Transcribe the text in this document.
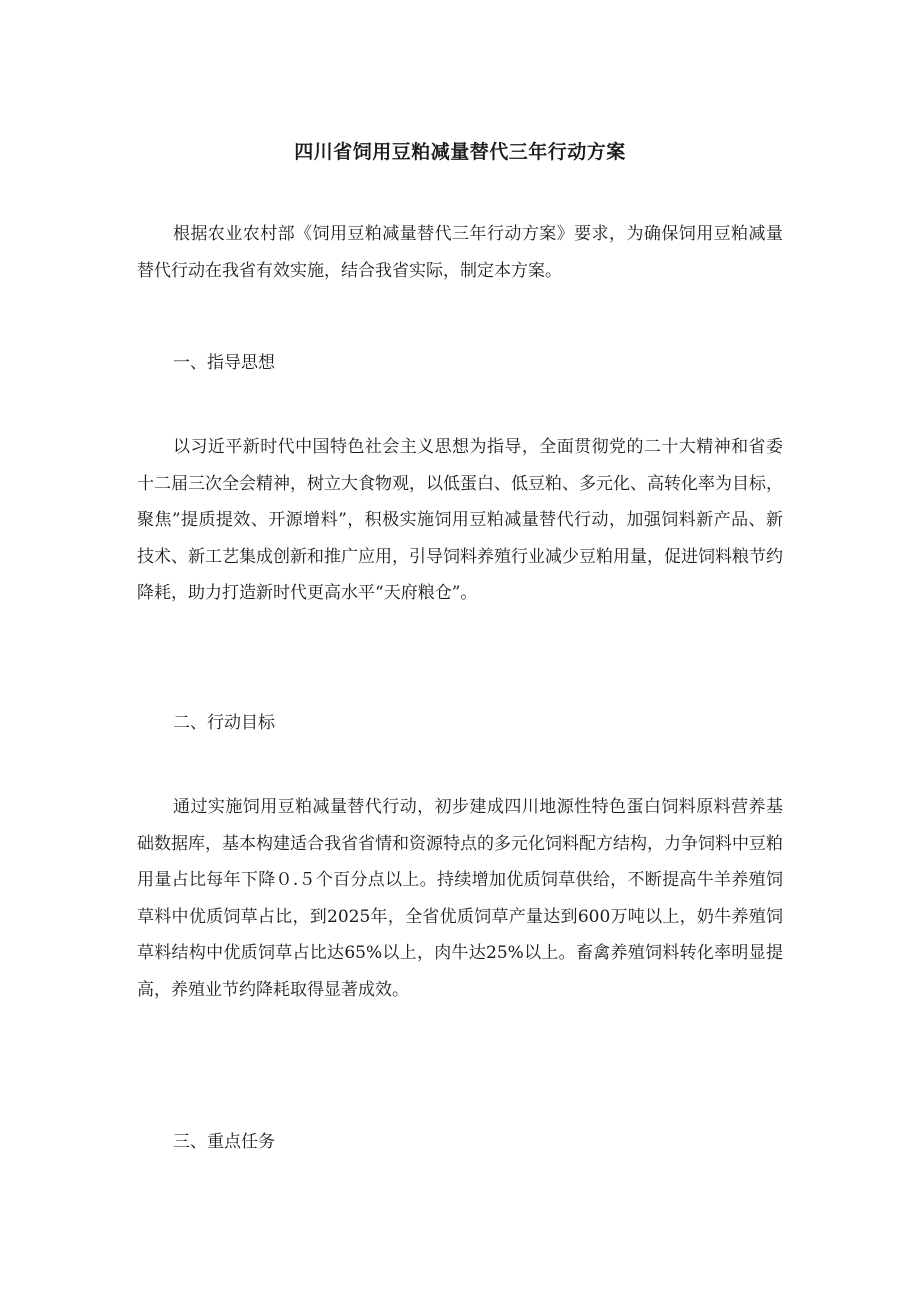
四川省饲用豆粕减量替代三年行动方案

根据农业农村部《饲用豆粕减量替代三年行动方案》要求，为确保饲用豆粕减量替代行动在我省有效实施，结合我省实际，制定本方案。

一、指导思想

以习近平新时代中国特色社会主义思想为指导，全面贯彻党的二十大精神和省委十二届三次全会精神，树立大食物观，以低蛋白、低豆粕、多元化、高转化率为目标，聚焦”提质提效、开源增料”，积极实施饲用豆粕减量替代行动，加强饲料新产品、新技术、新工艺集成创新和推广应用，引导饲料养殖行业减少豆粕用量，促进饲料粮节约降耗，助力打造新时代更高水平“天府粮仓”。

二、行动目标

通过实施饲用豆粕减量替代行动，初步建成四川地源性特色蛋白饲料原料营养基础数据库，基本构建适合我省省情和资源特点的多元化饲料配方结构，力争饲料中豆粕用量占比每年下降０.５个百分点以上。持续增加优质饲草供给，不断提高牛羊养殖饲草料中优质饲草占比，到2025年，全省优质饲草产量达到600万吨以上，奶牛养殖饲草料结构中优质饲草占比达65%以上，肉牛达25%以上。畜禽养殖饲料转化率明显提高，养殖业节约降耗取得显著成效。

三、重点任务
